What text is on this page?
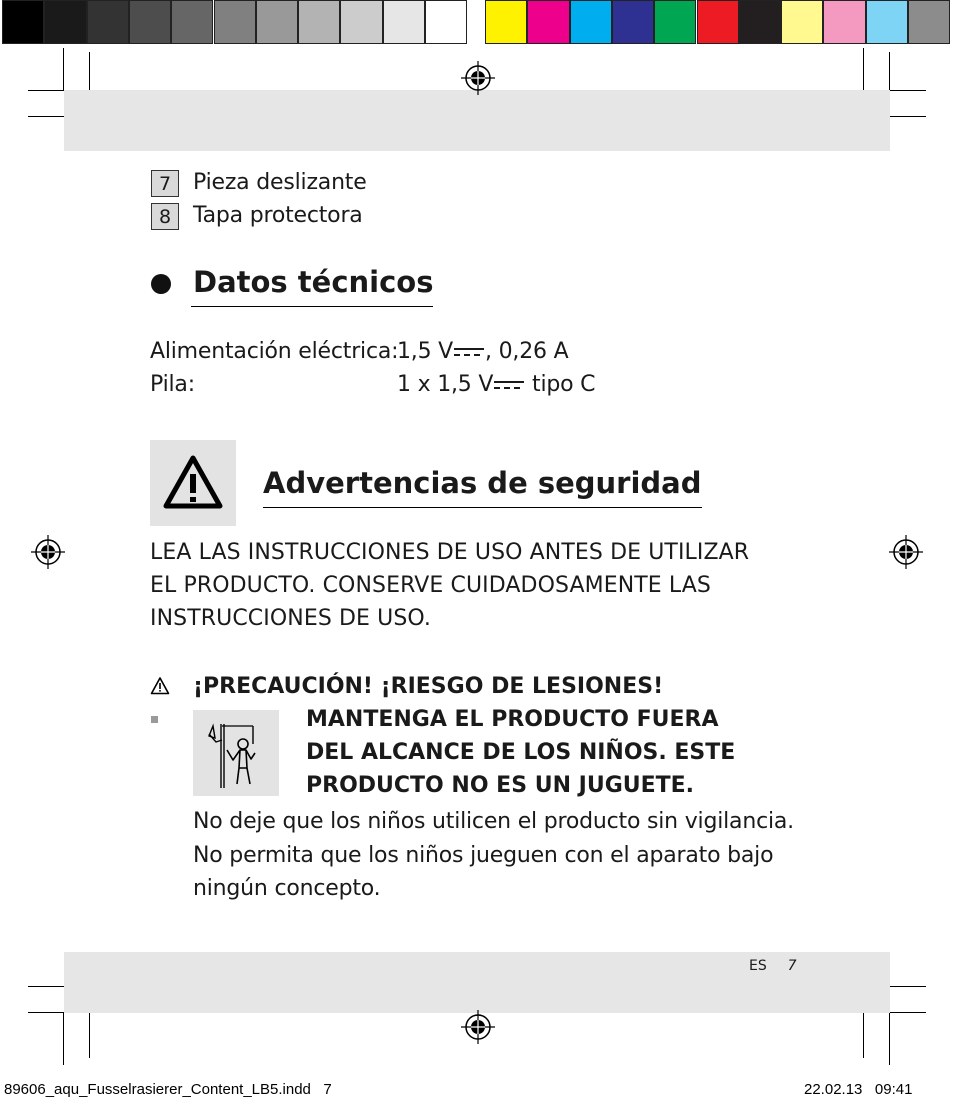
7 Pieza deslizante
8 Tapa protectora
Datos técnicos
Alimentación eléctrica:
1,5 V , 0,26 A
Pila:	1 x 1,5 V
tipo C
Advertencias de seguridad
LEA LAS INSTRUCCIONES DE USO ANTES DE UTILIZAR
EL PRODUCTO. CONSERVE CUIDADOSAMENTE LAS
INSTRUCCIONES DE USO.
¡PRECAUCIÓN! ¡RIESGO DE LESIONES!
MANTENGA EL PRODUCTO FUERA
DEL ALCANCE DE LOS NIÑOS. ESTE
PRODUCTO NO ES UN JUGUETE.
No deje que los niños utilicen el producto sin vigilancia.
No permita que los niños jueguen con el aparato bajo
ningún concepto.
ES 7
89606_aqu_Fusselrasierer_Content_LB5.indd   7	22.02.13   09:41
